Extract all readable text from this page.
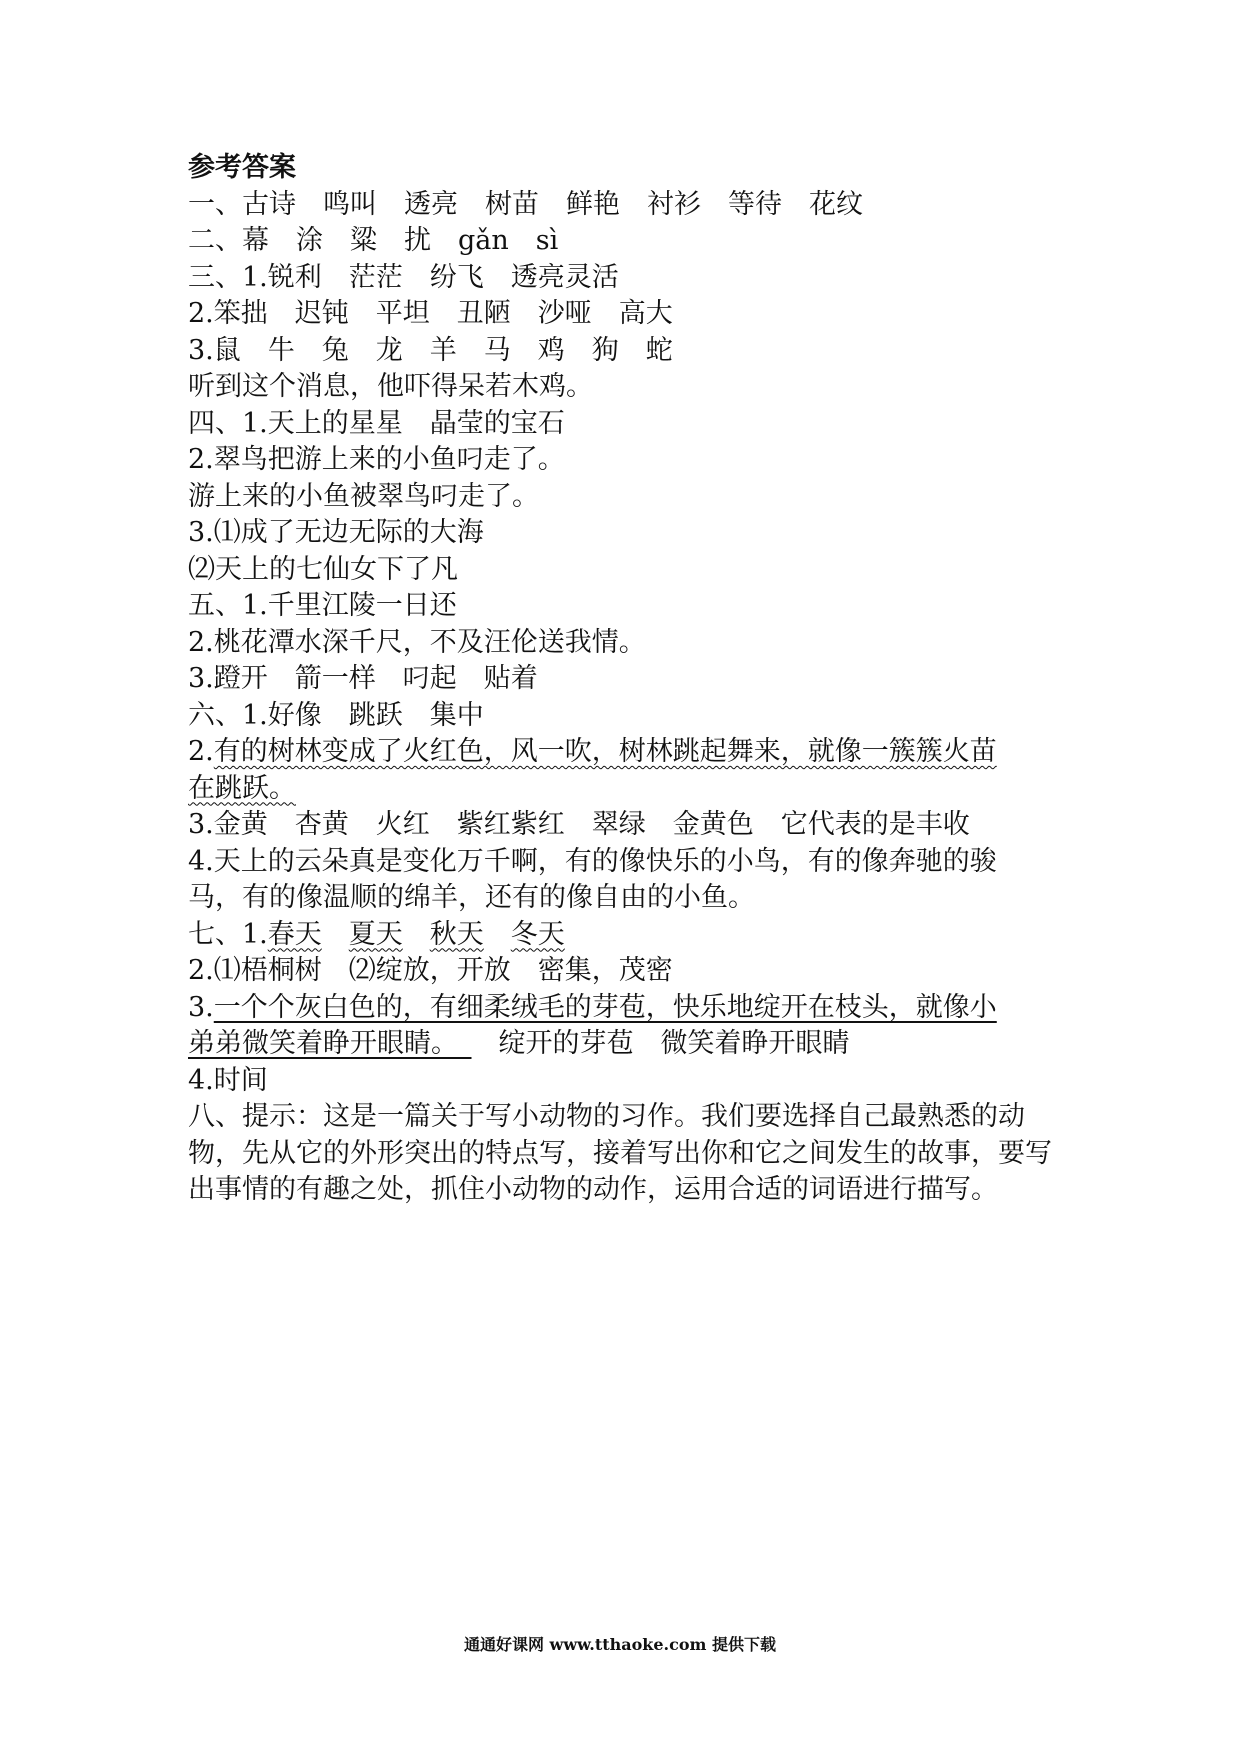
参考答案
一、古诗　鸣叫　透亮　树苗　鲜艳　衬衫　等待　花纹
二、幕　涂　粱　扰　gǎn　sì
三、1.锐利　茫茫　纷飞　透亮灵活
2.笨拙　迟钝　平坦　丑陋　沙哑　高大
3.鼠　牛　兔　龙　羊　马　鸡　狗　蛇
听到这个消息，他吓得呆若木鸡。
四、1.天上的星星　晶莹的宝石
2.翠鸟把游上来的小鱼叼走了。
游上来的小鱼被翠鸟叼走了。
3.⑴成了无边无际的大海
⑵天上的七仙女下了凡
五、1.千里江陵一日还
2.桃花潭水深千尺，不及汪伦送我情。
3.蹬开　箭一样　叼起　贴着
六、1.好像　跳跃　集中
2.有的树林变成了火红色，风一吹，树林跳起舞来，就像一簇簇火苗
在跳跃。
3.金黄　杏黄　火红　紫红紫红　翠绿　金黄色　它代表的是丰收
4.天上的云朵真是变化万千啊，有的像快乐的小鸟，有的像奔驰的骏
马，有的像温顺的绵羊，还有的像自由的小鱼。
七、1.春天　 夏天　 秋天　 冬天
2.⑴梧桐树　⑵绽放，开放　密集，茂密
3.一个个灰白色的，有细柔绒毛的芽苞，快乐地绽开在枝头，就像小
弟弟微笑着睁开眼睛。　　绽开的芽苞　微笑着睁开眼睛
4.时间
八、提示：这是一篇关于写小动物的习作。我们要选择自己最熟悉的动物，先从它的外形突出的特点写，接着写出你和它之间发生的故事，要写出事情的有趣之处，抓住小动物的动作，运用合适的词语进行描写。
通通好课网 www.tthaoke.com 提供下载
